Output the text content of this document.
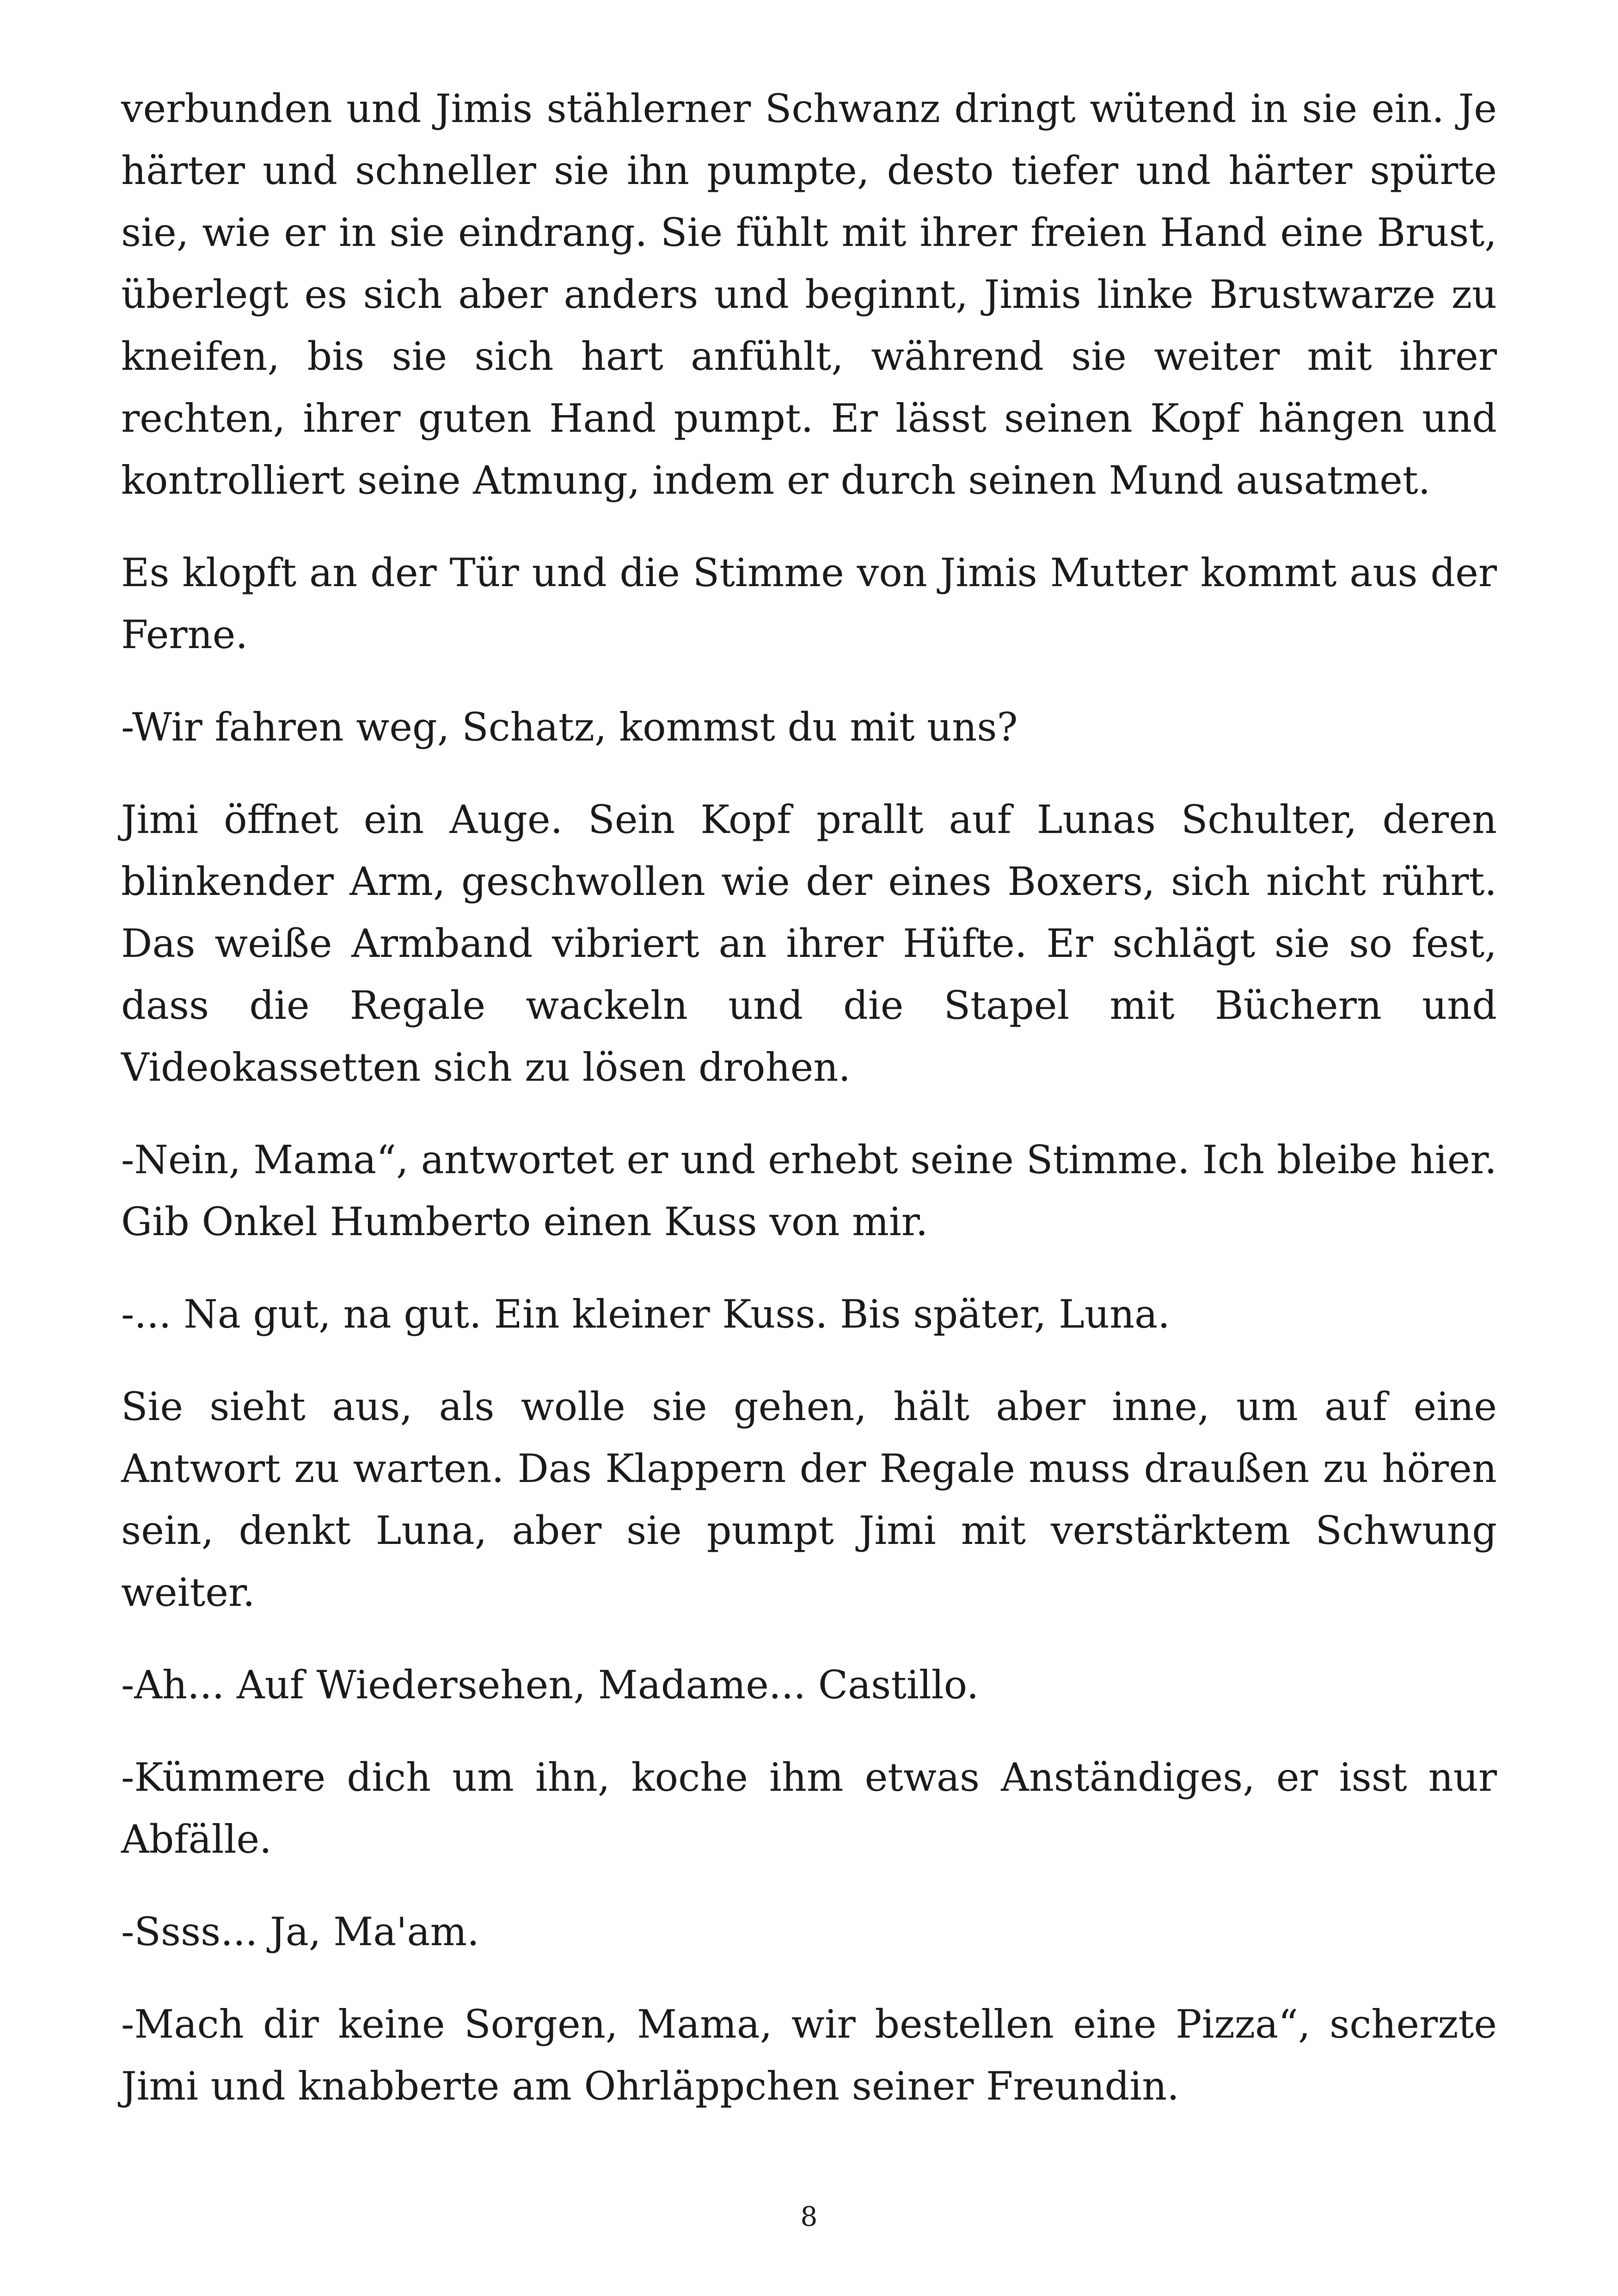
verbunden und Jimis stählerner Schwanz dringt wütend in sie ein. Je härter und schneller sie ihn pumpte, desto tiefer und härter spürte sie, wie er in sie eindrang. Sie fühlt mit ihrer freien Hand eine Brust, überlegt es sich aber anders und beginnt, Jimis linke Brustwarze zu kneifen, bis sie sich hart anfühlt, während sie weiter mit ihrer rechten, ihrer guten Hand pumpt. Er lässt seinen Kopf hängen und kontrolliert seine Atmung, indem er durch seinen Mund ausatmet.

Es klopft an der Tür und die Stimme von Jimis Mutter kommt aus der Ferne.

-Wir fahren weg, Schatz, kommst du mit uns?

Jimi öffnet ein Auge. Sein Kopf prallt auf Lunas Schulter, deren blinkender Arm, geschwollen wie der eines Boxers, sich nicht rührt. Das weiße Armband vibriert an ihrer Hüfte. Er schlägt sie so fest, dass die Regale wackeln und die Stapel mit Büchern und Videokassetten sich zu lösen drohen.

-Nein, Mama“, antwortet er und erhebt seine Stimme. Ich bleibe hier. Gib Onkel Humberto einen Kuss von mir.

-... Na gut, na gut. Ein kleiner Kuss. Bis später, Luna.

Sie sieht aus, als wolle sie gehen, hält aber inne, um auf eine Antwort zu warten. Das Klappern der Regale muss draußen zu hören sein, denkt Luna, aber sie pumpt Jimi mit verstärktem Schwung weiter.

-Ah... Auf Wiedersehen, Madame... Castillo.

-Kümmere dich um ihn, koche ihm etwas Anständiges, er isst nur Abfälle.

-Ssss... Ja, Ma'am.

-Mach dir keine Sorgen, Mama, wir bestellen eine Pizza“, scherzte Jimi und knabberte am Ohrläppchen seiner Freundin.

8
